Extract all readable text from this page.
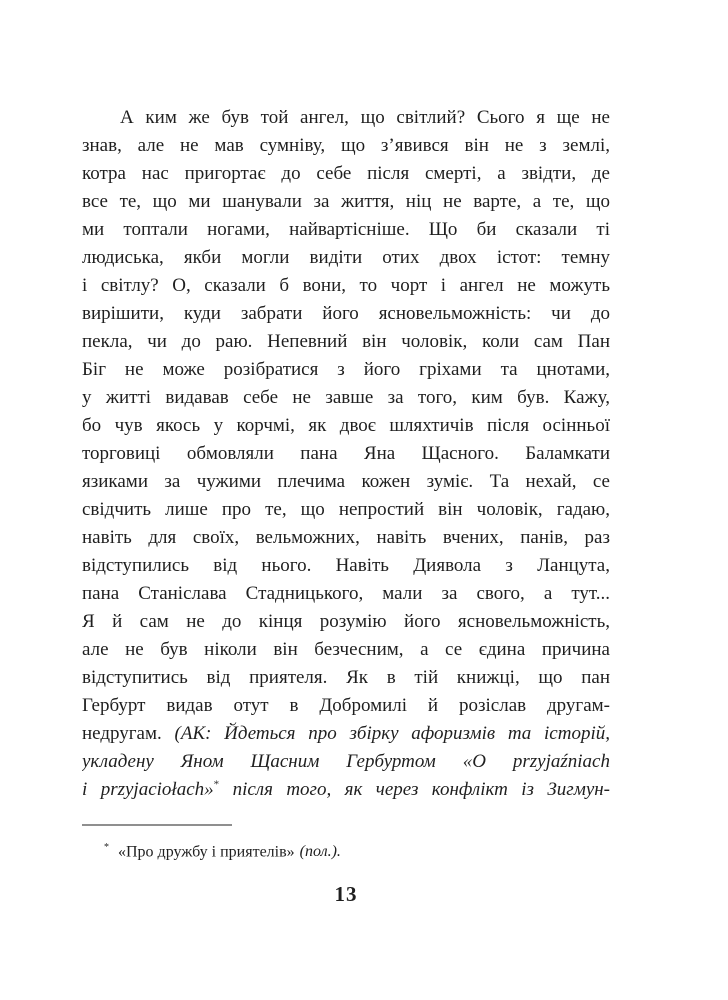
А ким же був той ангел, що світлий? Сього я ще не
знав, але не мав сумніву, що з’явився він не з землі,
котра нас пригортає до себе після смерті, а звідти, де
все те, що ми шанували за життя, ніц не варте, а те, що
ми топтали ногами, найвартісніше. Що би сказали ті
людиська, якби могли видіти отих двох істот: темну
і світлу? О, сказали б вони, то чорт і ангел не можуть
вирішити, куди забрати його ясновельможність: чи до
пекла, чи до раю. Непевний він чоловік, коли сам Пан
Біг не може розібратися з його гріхами та цнотами,
у житті видавав себе не завше за того, ким був. Кажу,
бо чув якось у корчмі, як двоє шляхтичів після осінньої
торговиці обмовляли пана Яна Щасного. Баламкати
язиками за чужими плечима кожен зуміє. Та нехай, се
свідчить лише про те, що непростий він чоловік, гадаю,
навіть для своїх, вельможних, навіть вчених, панів, раз
відступились від нього. Навіть Диявола з Ланцута,
пана Станіслава Стадницького, мали за свого, а тут...
Я й сам не до кінця розумію його ясновельможність,
але не був ніколи він безчесним, а се єдина причина
відступитись від приятеля. Як в тій книжці, що пан
Гербурт видав отут в Добромилі й розіслав другам-
недругам. (АК: Йдеться про збірку афоризмів та історій,
укладену Яном Щасним Гербуртом «O przyjaźniach
i przyjaciołach»* після того, як через конфлікт із Зигмун-
* «Про дружбу і приятелів» (пол.).
13
